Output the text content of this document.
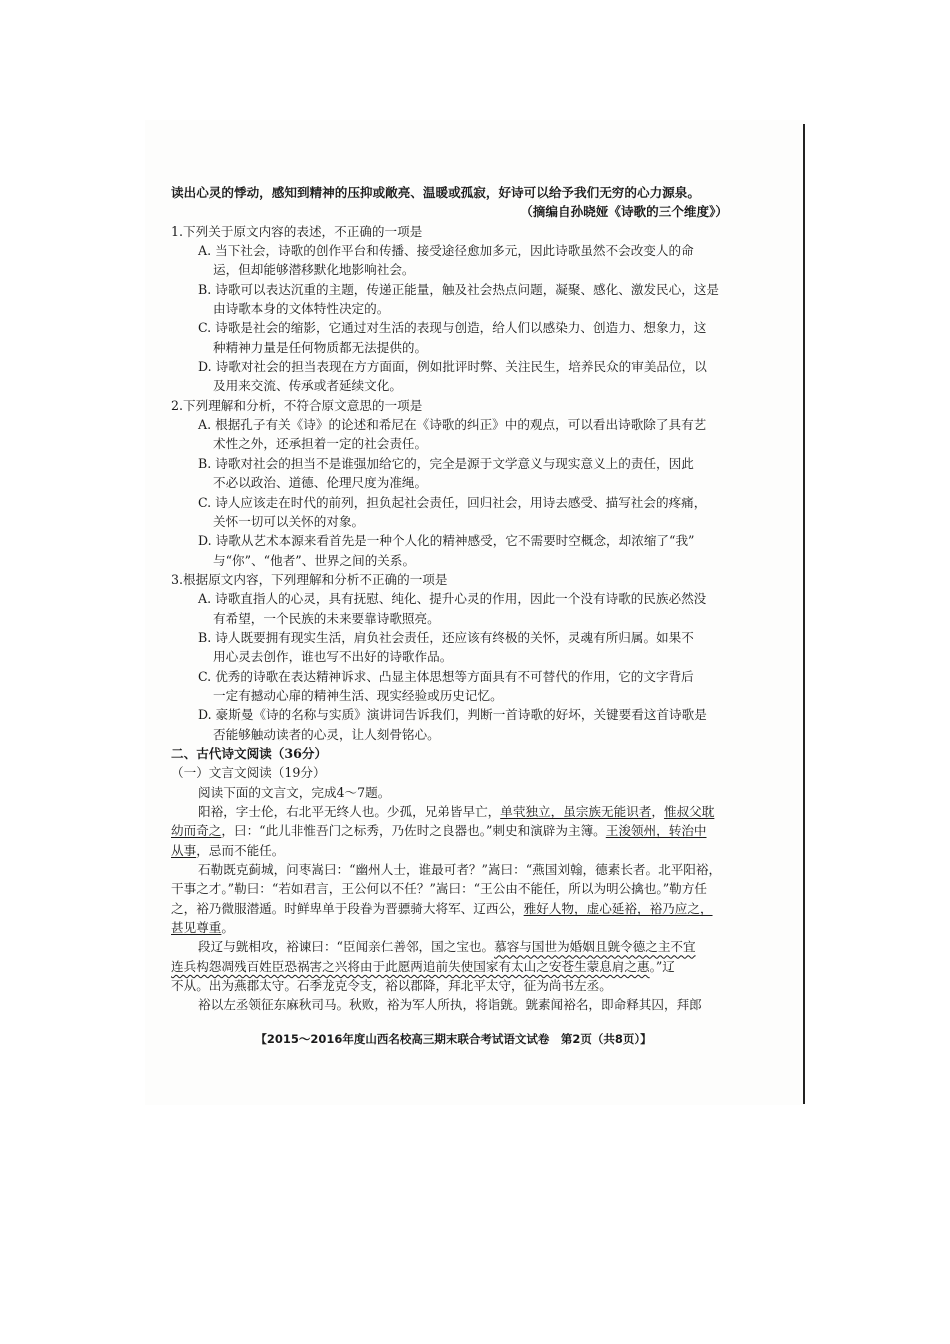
读出心灵的悸动，感知到精神的压抑或敞亮、温暖或孤寂，好诗可以给予我们无穷的心力源泉。
（摘编自孙晓娅《诗歌的三个维度》）
1.下列关于原文内容的表述，不正确的一项是
A. 当下社会，诗歌的创作平台和传播、接受途径愈加多元，因此诗歌虽然不会改变人的命
运，但却能够潜移默化地影响社会。
B. 诗歌可以表达沉重的主题，传递正能量，触及社会热点问题，凝聚、感化、激发民心，这是
由诗歌本身的文体特性决定的。
C. 诗歌是社会的缩影，它通过对生活的表现与创造，给人们以感染力、创造力、想象力，这
种精神力量是任何物质都无法提供的。
D. 诗歌对社会的担当表现在方方面面，例如批评时弊、关注民生，培养民众的审美品位，以
及用来交流、传承或者延续文化。
2.下列理解和分析，不符合原文意思的一项是
A. 根据孔子有关《诗》的论述和希尼在《诗歌的纠正》中的观点，可以看出诗歌除了具有艺
术性之外，还承担着一定的社会责任。
B. 诗歌对社会的担当不是谁强加给它的，完全是源于文学意义与现实意义上的责任，因此
不必以政治、道德、伦理尺度为准绳。
C. 诗人应该走在时代的前列，担负起社会责任，回归社会，用诗去感受、描写社会的疼痛，
关怀一切可以关怀的对象。
D. 诗歌从艺术本源来看首先是一种个人化的精神感受，它不需要时空概念，却浓缩了“我”
与“你”、“他者”、世界之间的关系。
3.根据原文内容，下列理解和分析不正确的一项是
A. 诗歌直指人的心灵，具有抚慰、纯化、提升心灵的作用，因此一个没有诗歌的民族必然没
有希望，一个民族的未来要靠诗歌照亮。
B. 诗人既要拥有现实生活，肩负社会责任，还应该有终极的关怀，灵魂有所归属。如果不
用心灵去创作，谁也写不出好的诗歌作品。
C. 优秀的诗歌在表达精神诉求、凸显主体思想等方面具有不可替代的作用，它的文字背后
一定有撼动心扉的精神生活、现实经验或历史记忆。
D. 豪斯曼《诗的名称与实质》演讲词告诉我们，判断一首诗歌的好坏，关键要看这首诗歌是
否能够触动读者的心灵，让人刻骨铭心。
二、古代诗文阅读（36分）
（一）文言文阅读（19分）
阅读下面的文言文，完成4～7题。
阳裕，字士伦，右北平无终人也。少孤，兄弟皆早亡，单茕独立，虽宗族无能识者，惟叔父耽
幼而奇之，曰：“此儿非惟吾门之标秀，乃佐时之良器也。”刺史和演辟为主簿。王浚领州，转治中
从事，忌而不能任。
石勒既克蓟城，问枣嵩曰：“幽州人士，谁最可者？”嵩曰：“燕国刘翰，德素长者。北平阳裕，
干事之才。”勒曰：“若如君言，王公何以不任？”嵩曰：“王公由不能任，所以为明公擒也。”勒方任
之，裕乃微服潜遁。时鲜卑单于段眷为晋骠骑大将军、辽西公，雅好人物，虚心延裕，裕乃应之，
甚见尊重。
段辽与皝相攻，裕谏曰：“臣闻亲仁善邻，国之宝也。慕容与国世为婚姻且皝令德之主不宜
连兵构怨凋残百姓臣恐祸害之兴将由于此愿两追前失使国家有太山之安苍生蒙息肩之惠。”辽
不从。出为燕郡太守。石季龙克令支，裕以郡降，拜北平太守，征为尚书左丞。
裕以左丞领征东麻秋司马。秋败，裕为军人所执，将诣皝。皝素闻裕名，即命释其囚，拜郎
【2015～2016年度山西名校高三期末联合考试语文试卷　第2页（共8页）】
